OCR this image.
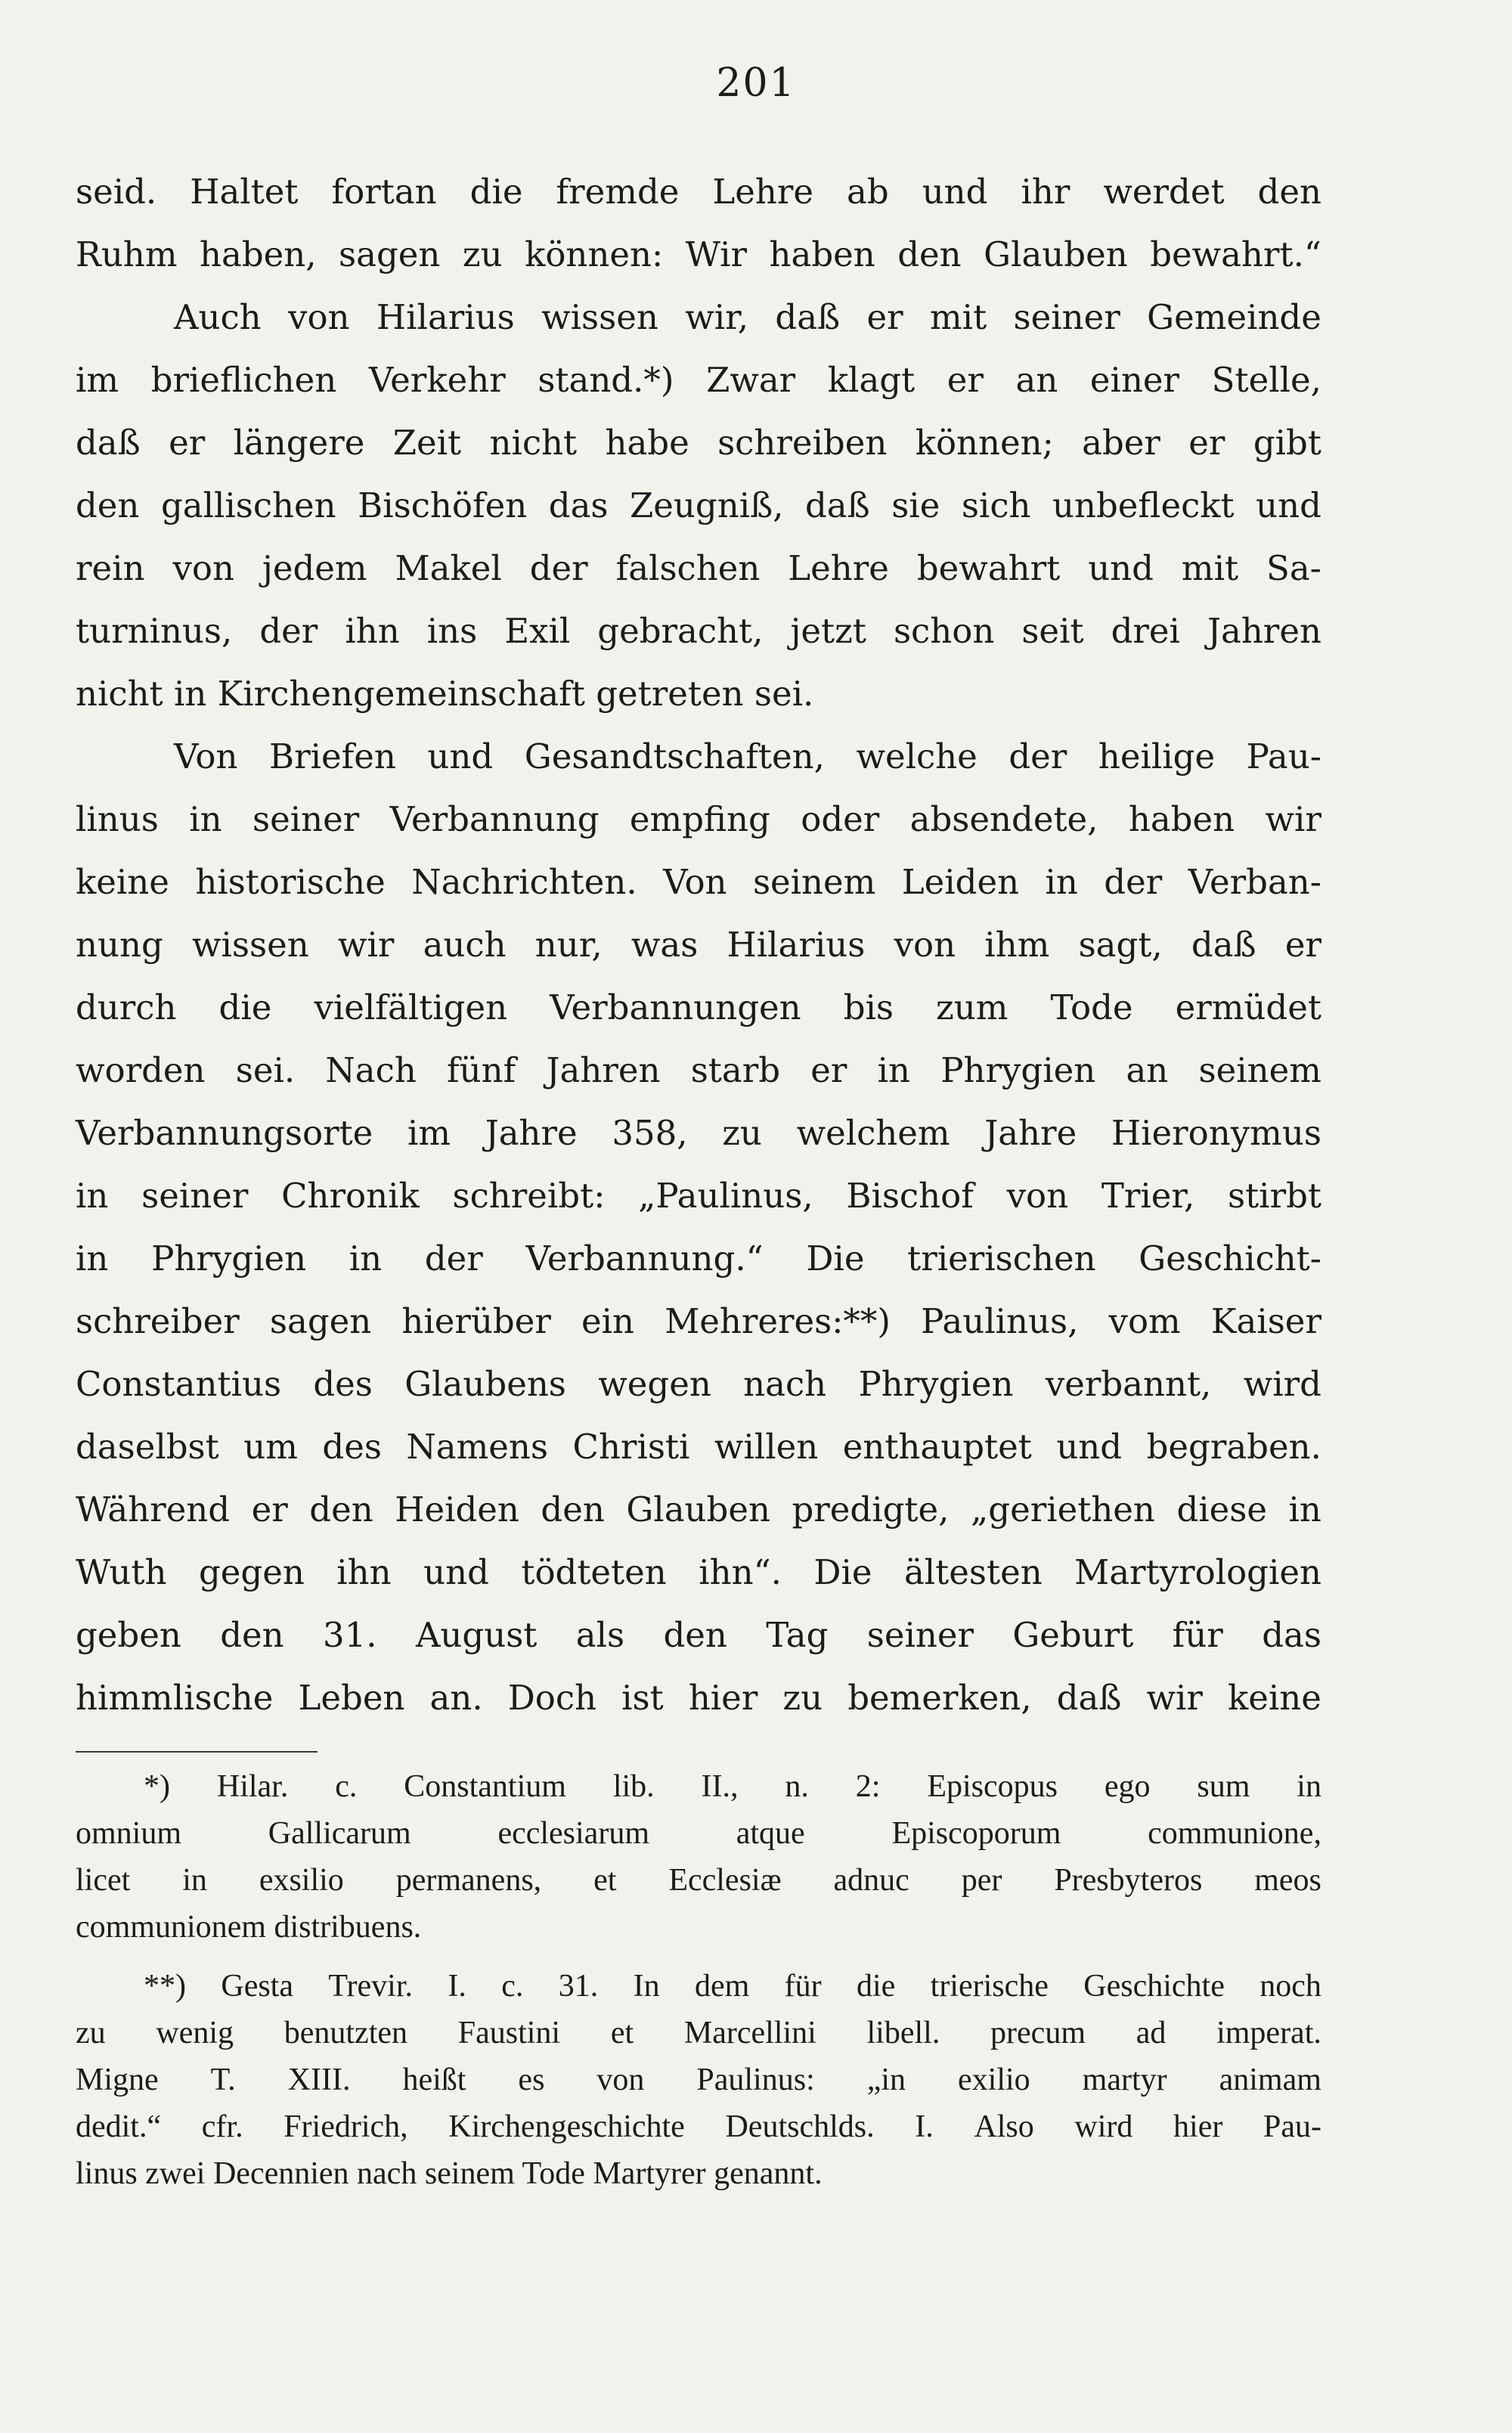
201
seid. Haltet fortan die fremde Lehre ab und ihr werdet den
Ruhm haben, sagen zu können: Wir haben den Glauben bewahrt.“
Auch von Hilarius wissen wir, daß er mit seiner Gemeinde
im brieflichen Verkehr stand.*) Zwar klagt er an einer Stelle,
daß er längere Zeit nicht habe schreiben können; aber er gibt
den gallischen Bischöfen das Zeugniß, daß sie sich unbefleckt und
rein von jedem Makel der falschen Lehre bewahrt und mit Sa-
turninus, der ihn ins Exil gebracht, jetzt schon seit drei Jahren
nicht in Kirchengemeinschaft getreten sei.
Von Briefen und Gesandtschaften, welche der heilige Pau-
linus in seiner Verbannung empfing oder absendete, haben wir
keine historische Nachrichten. Von seinem Leiden in der Verban-
nung wissen wir auch nur, was Hilarius von ihm sagt, daß er
durch die vielfältigen Verbannungen bis zum Tode ermüdet
worden sei. Nach fünf Jahren starb er in Phrygien an seinem
Verbannungsorte im Jahre 358, zu welchem Jahre Hieronymus
in seiner Chronik schreibt: „Paulinus, Bischof von Trier, stirbt
in Phrygien in der Verbannung.“ Die trierischen Geschicht-
schreiber sagen hierüber ein Mehreres:**) Paulinus, vom Kaiser
Constantius des Glaubens wegen nach Phrygien verbannt, wird
daselbst um des Namens Christi willen enthauptet und begraben.
Während er den Heiden den Glauben predigte, „geriethen diese in
Wuth gegen ihn und tödteten ihn“. Die ältesten Martyrologien
geben den 31. August als den Tag seiner Geburt für das
himmlische Leben an. Doch ist hier zu bemerken, daß wir keine
*) Hilar. c. Constantium lib. II., n. 2: Episcopus ego sum in
omnium	Gallicarum	ecclesiarum	atque	Episcoporum	communione,
licet in exsilio permanens, et Ecclesiæ adnuc per Presbyteros meos
communionem distribuens.
**) Gesta Trevir. I. c. 31. In dem für die trierische Geschichte noch
zu wenig benutzten Faustini et Marcellini libell. precum ad imperat.
Migne T. XIII. heißt es von Paulinus: „in exilio martyr animam
dedit.“ cfr. Friedrich, Kirchengeschichte Deutschlds. I. Also wird hier Pau-
linus zwei Decennien nach seinem Tode Martyrer genannt.
